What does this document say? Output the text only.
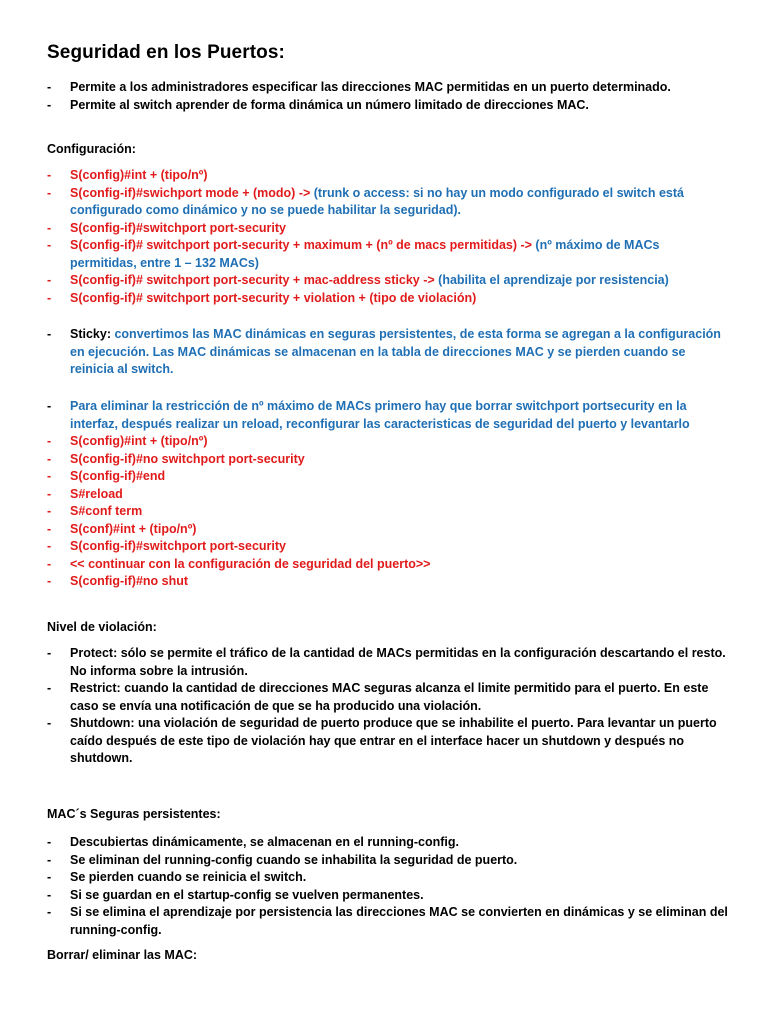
Seguridad en los Puertos:
- Permite a los administradores especificar las direcciones MAC permitidas en un puerto determinado.
- Permite al switch aprender de forma dinámica un número limitado de direcciones MAC.

Configuración:

- S(config)#int + (tipo/nº)
- S(config-if)#swichport mode + (modo) -> (trunk o access: si no hay un modo configurado el switch está configurado como dinámico y no se puede habilitar la seguridad).
- S(config-if)#switchport port-security
- S(config-if)# switchport port-security + maximum + (nº de macs permitidas) -> (nº máximo de MACs permitidas, entre 1 – 132 MACs)
- S(config-if)# switchport port-security + mac-address sticky -> (habilita el aprendizaje por resistencia)
- S(config-if)# switchport port-security + violation + (tipo de violación)
- Sticky: convertimos las MAC dinámicas en seguras persistentes, de esta forma se agregan a la configuración en ejecución. Las MAC dinámicas se almacenan en la tabla de direcciones MAC y se pierden cuando se reinicia al switch.
- Para eliminar la restricción de nº máximo de MACs primero hay que borrar switchport portsecurity en la interfaz, después realizar un reload, reconfigurar las caracteristicas de seguridad del puerto y levantarlo
- S(config)#int + (tipo/nº)
- S(config-if)#no switchport port-security
- S(config-if)#end
- S#reload
- S#conf term
- S(conf)#int + (tipo/nº)
- S(config-if)#switchport port-security
- << continuar con la configuración de seguridad del puerto>>
- S(config-if)#no shut

Nivel de violación:

- Protect: sólo se permite el tráfico de la cantidad de MACs permitidas en la configuración descartando el resto. No informa sobre la intrusión.
- Restrict: cuando la cantidad de direcciones MAC seguras alcanza el limite permitido para el puerto. En este caso se envía una notificación de que se ha producido una violación.
- Shutdown: una violación de seguridad de puerto produce que se inhabilite el puerto. Para levantar un puerto caído después de este tipo de violación hay que entrar en el interface hacer un shutdown y después no shutdown.

MAC´s Seguras persistentes:

- Descubiertas dinámicamente, se almacenan en el running-config.
- Se eliminan del running-config cuando se inhabilita la seguridad de puerto.
- Se pierden cuando se reinicia el switch.
- Si se guardan en el startup-config se vuelven permanentes.
- Si se elimina el aprendizaje por persistencia las direcciones MAC se convierten en dinámicas y se eliminan del running-config.

Borrar/ eliminar las MAC:
